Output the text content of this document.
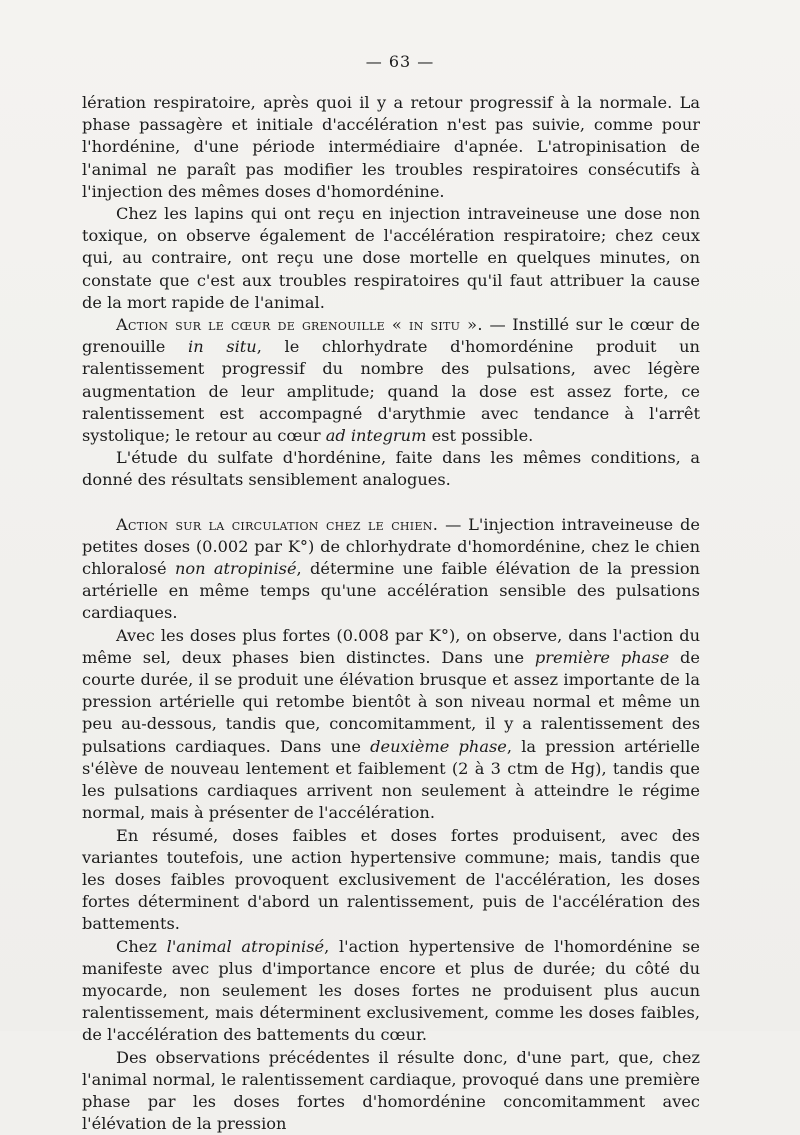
— 63 —

lération respiratoire, après quoi il y a retour progressif à la normale. La phase passagère et initiale d'accélération n'est pas suivie, comme pour l'hordénine, d'une période intermédiaire d'apnée. L'atropinisation de l'animal ne paraît pas modifier les troubles respiratoires consécutifs à l'injection des mêmes doses d'homordénine.

Chez les lapins qui ont reçu en injection intraveineuse une dose non toxique, on observe également de l'accélération respiratoire; chez ceux qui, au contraire, ont reçu une dose mortelle en quelques minutes, on constate que c'est aux troubles respiratoires qu'il faut attribuer la cause de la mort rapide de l'animal.

Action sur le cœur de grenouille « in situ ». — Instillé sur le cœur de grenouille in situ, le chlorhydrate d'homordénine produit un ralentissement progressif du nombre des pulsations, avec légère augmentation de leur amplitude; quand la dose est assez forte, ce ralentissement est accompagné d'arythmie avec tendance à l'arrêt systolique; le retour au cœur ad integrum est possible.

L'étude du sulfate d'hordénine, faite dans les mêmes conditions, a donné des résultats sensiblement analogues.

Action sur la circulation chez le chien. — L'injection intraveineuse de petites doses (0.002 par K°) de chlorhydrate d'homordénine, chez le chien chloralosé non atropinisé, détermine une faible élévation de la pression artérielle en même temps qu'une accélération sensible des pulsations cardiaques.

Avec les doses plus fortes (0.008 par K°), on observe, dans l'action du même sel, deux phases bien distinctes. Dans une première phase de courte durée, il se produit une élévation brusque et assez importante de la pression artérielle qui retombe bientôt à son niveau normal et même un peu au-dessous, tandis que, concomitamment, il y a ralentissement des pulsations cardiaques. Dans une deuxième phase, la pression artérielle s'élève de nouveau lentement et faiblement (2 à 3 ctm de Hg), tandis que les pulsations cardiaques arrivent non seulement à atteindre le régime normal, mais à présenter de l'accélération.

En résumé, doses faibles et doses fortes produisent, avec des variantes toutefois, une action hypertensive commune; mais, tandis que les doses faibles provoquent exclusivement de l'accélération, les doses fortes déterminent d'abord un ralentissement, puis de l'accélération des battements.

Chez l'animal atropinisé, l'action hypertensive de l'homordénine se manifeste avec plus d'importance encore et plus de durée; du côté du myocarde, non seulement les doses fortes ne produisent plus aucun ralentissement, mais déterminent exclusivement, comme les doses faibles, de l'accélération des battements du cœur.

Des observations précédentes il résulte donc, d'une part, que, chez l'animal normal, le ralentissement cardiaque, provoqué dans une première phase par les doses fortes d'homordénine concomitamment avec l'élévation de la pression
